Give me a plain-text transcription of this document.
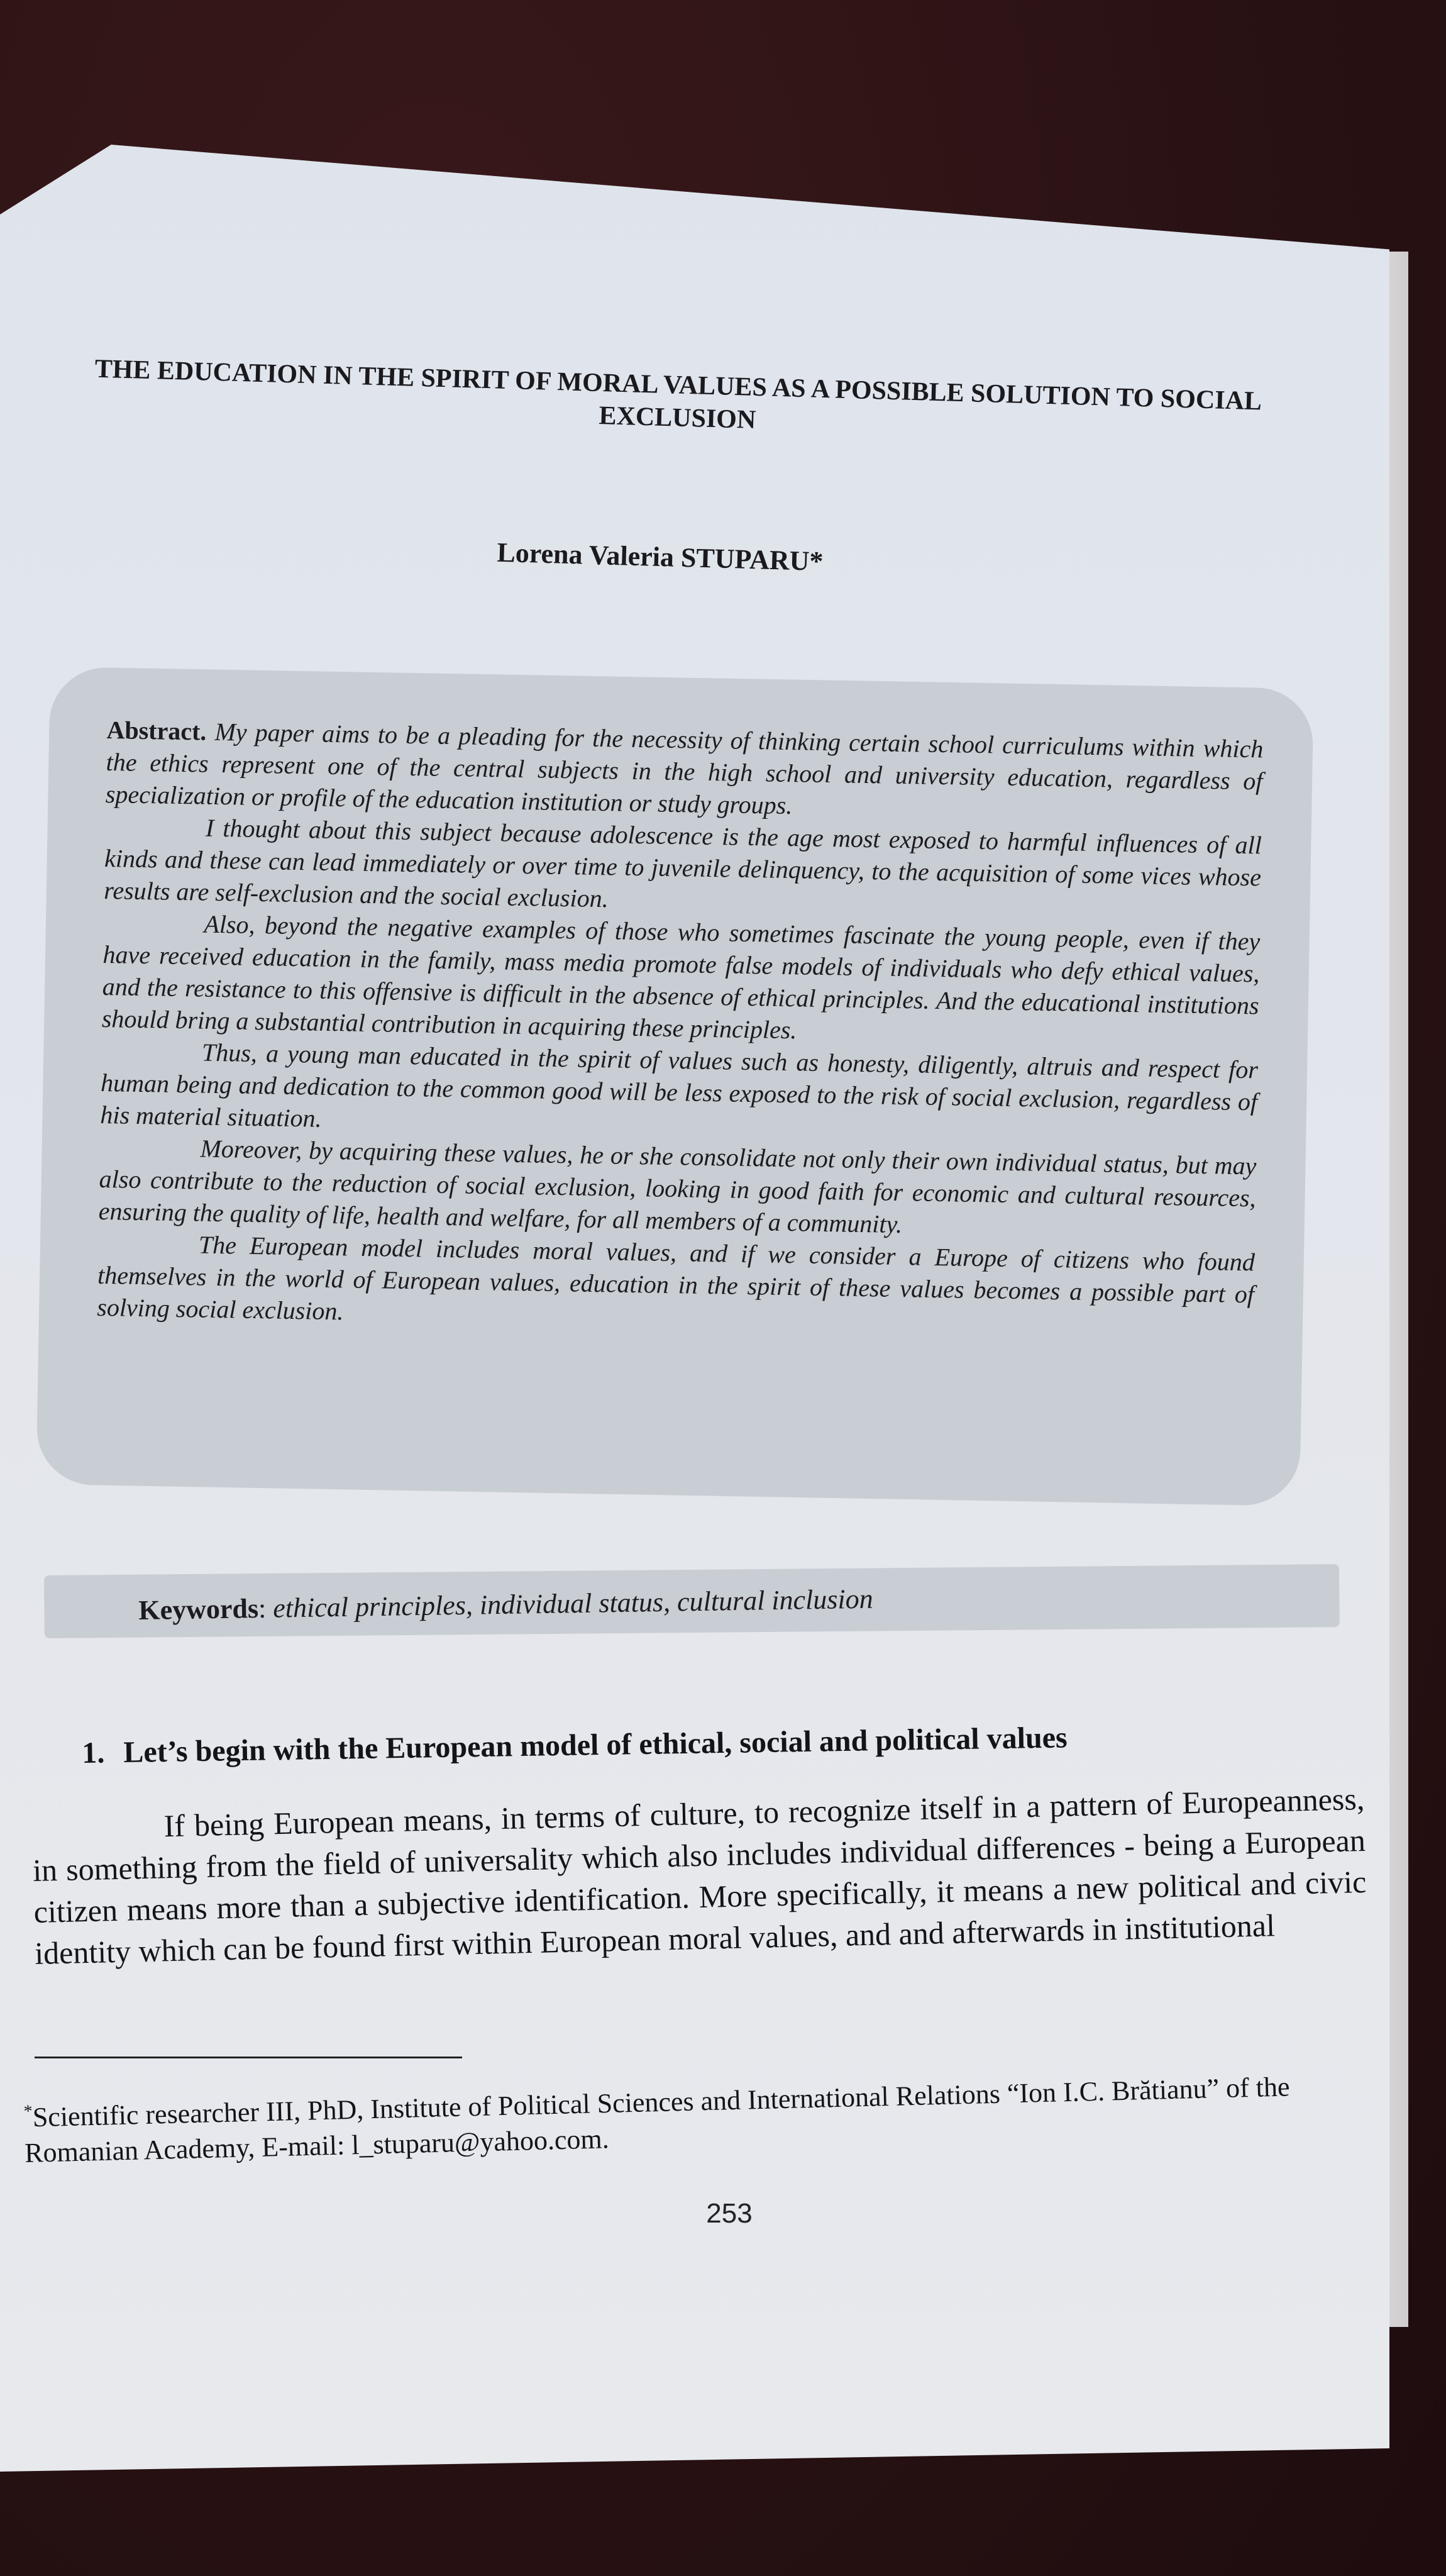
THE EDUCATION IN THE SPIRIT OF MORAL VALUES AS A POSSIBLE SOLUTION TO SOCIAL EXCLUSION
Lorena Valeria STUPARU*

Abstract. My paper aims to be a pleading for the necessity of thinking certain school curriculums within which the ethics represent one of the central subjects in the high school and university education, regardless of specialization or profile of the education institution or study groups.

I thought about this subject because adolescence is the age most exposed to harmful influences of all kinds and these can lead immediately or over time to juvenile delinquency, to the acquisition of some vices whose results are self-exclusion and the social exclusion.

Also, beyond the negative examples of those who sometimes fascinate the young people, even if they have received education in the family, mass media promote false models of individuals who defy ethical values, and the resistance to this offensive is difficult in the absence of ethical principles. And the educational institutions should bring a substantial contribution in acquiring these principles.

Thus, a young man educated in the spirit of values such as honesty, diligently, altruis and respect for human being and dedication to the common good will be less exposed to the risk of social exclusion, regardless of his material situation.

Moreover, by acquiring these values, he or she consolidate not only their own individual status, but may also contribute to the reduction of social exclusion, looking in good faith for economic and cultural resources, ensuring the quality of life, health and welfare, for all members of a community.

The European model includes moral values, and if we consider a Europe of citizens who found themselves in the world of European values, education in the spirit of these values becomes a possible part of solving social exclusion.

Keywords: ethical principles, individual status, cultural inclusion
1. Let’s begin with the European model of ethical, social and political values

If being European means, in terms of culture, to recognize itself in a pattern of Europeanness, in something from the field of universality which also includes individual differences - being a European citizen means more than a subjective identification. More specifically, it means a new political and civic identity which can be found first within European moral values, and and afterwards in institutional

*Scientific researcher III, PhD, Institute of Political Sciences and International Relations “Ion I.C. Brătianu” of the Romanian Academy, E-mail: l_stuparu@yahoo.com.

253
